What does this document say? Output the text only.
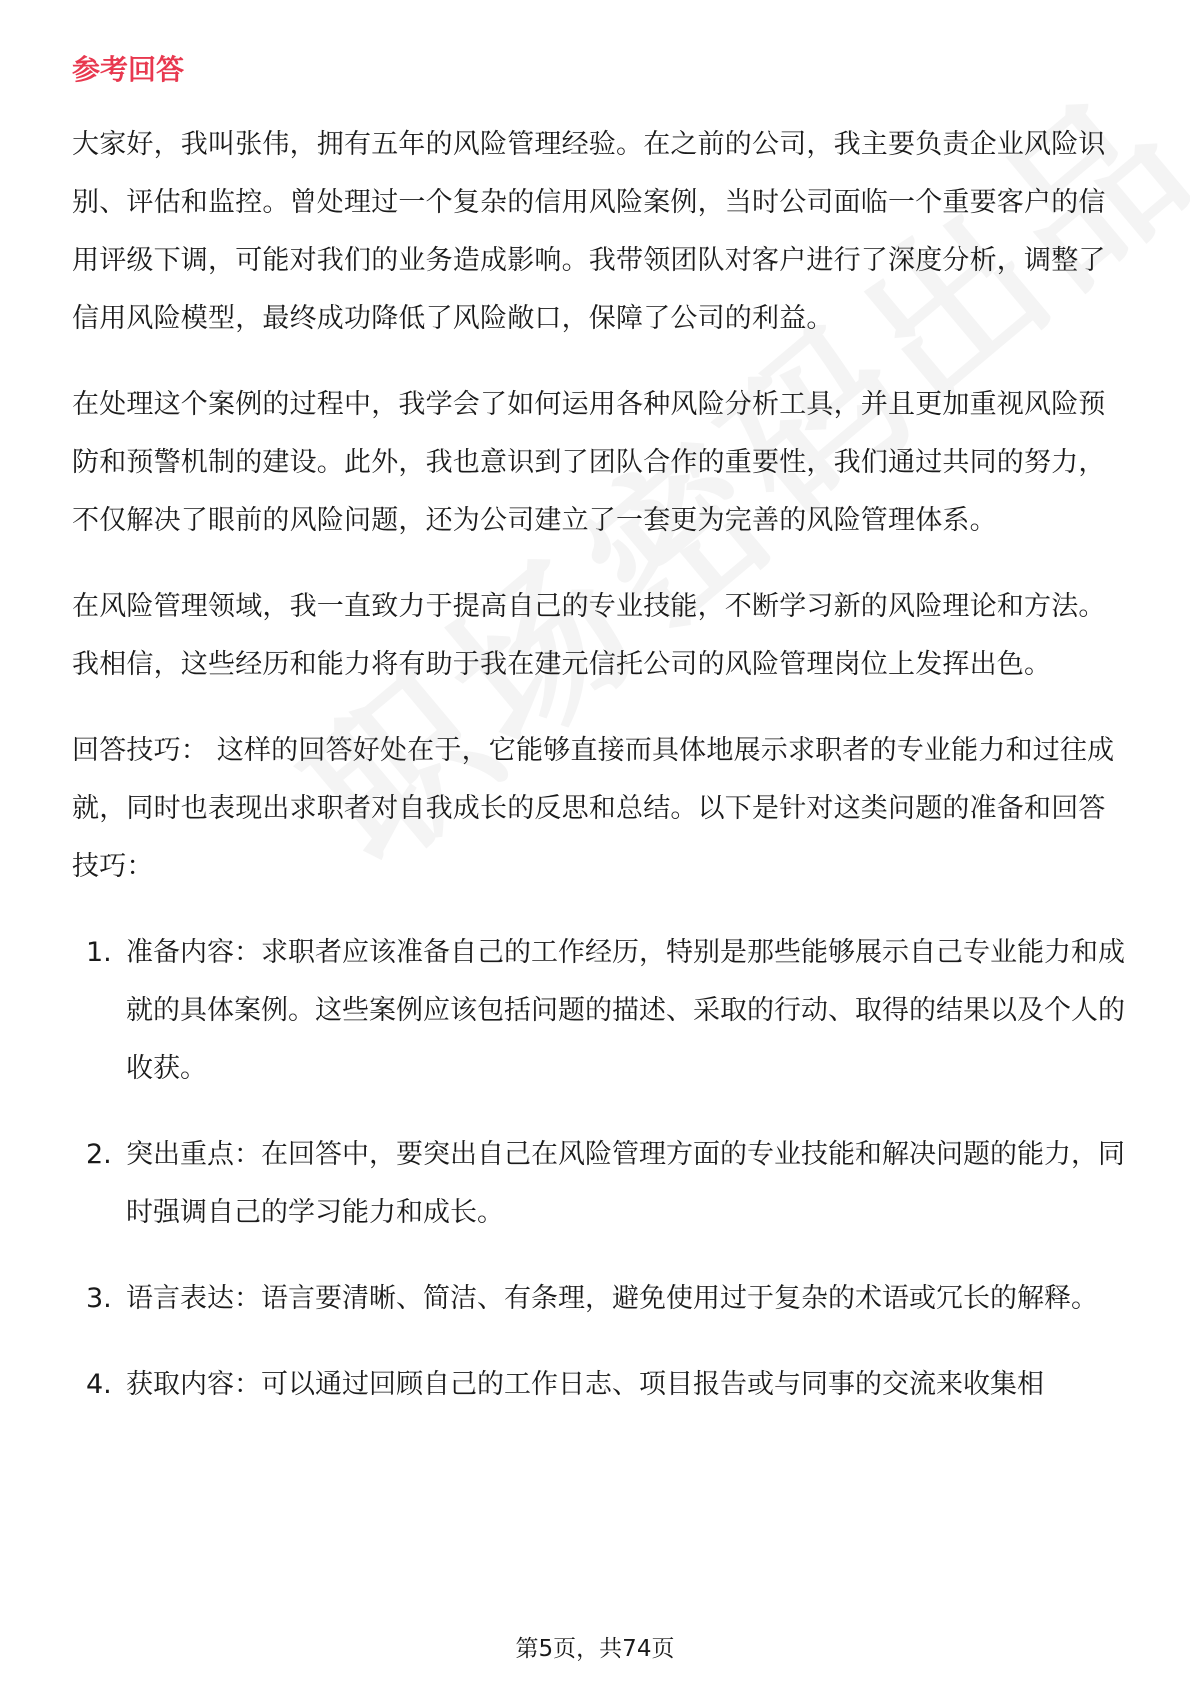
参考回答

大家好，我叫张伟，拥有五年的风险管理经验。在之前的公司，我主要负责企业风险识别、评估和监控。曾处理过一个复杂的信用风险案例，当时公司面临一个重要客户的信用评级下调，可能对我们的业务造成影响。我带领团队对客户进行了深度分析，调整了信用风险模型，最终成功降低了风险敞口，保障了公司的利益。

在处理这个案例的过程中，我学会了如何运用各种风险分析工具，并且更加重视风险预防和预警机制的建设。此外，我也意识到了团队合作的重要性，我们通过共同的努力，不仅解决了眼前的风险问题，还为公司建立了一套更为完善的风险管理体系。

在风险管理领域，我一直致力于提高自己的专业技能，不断学习新的风险理论和方法。我相信，这些经历和能力将有助于我在建元信托公司的风险管理岗位上发挥出色。

回答技巧： 这样的回答好处在于，它能够直接而具体地展示求职者的专业能力和过往成就，同时也表现出求职者对自我成长的反思和总结。以下是针对这类问题的准备和回答技巧：

1. 准备内容：求职者应该准备自己的工作经历，特别是那些能够展示自己专业能力和成就的具体案例。这些案例应该包括问题的描述、采取的行动、取得的结果以及个人的收获。
2. 突出重点：在回答中，要突出自己在风险管理方面的专业技能和解决问题的能力，同时强调自己的学习能力和成长。
3. 语言表达：语言要清晰、简洁、有条理，避免使用过于复杂的术语或冗长的解释。
4. 获取内容：可以通过回顾自己的工作日志、项目报告或与同事的交流来收集相
第5页，共74页
